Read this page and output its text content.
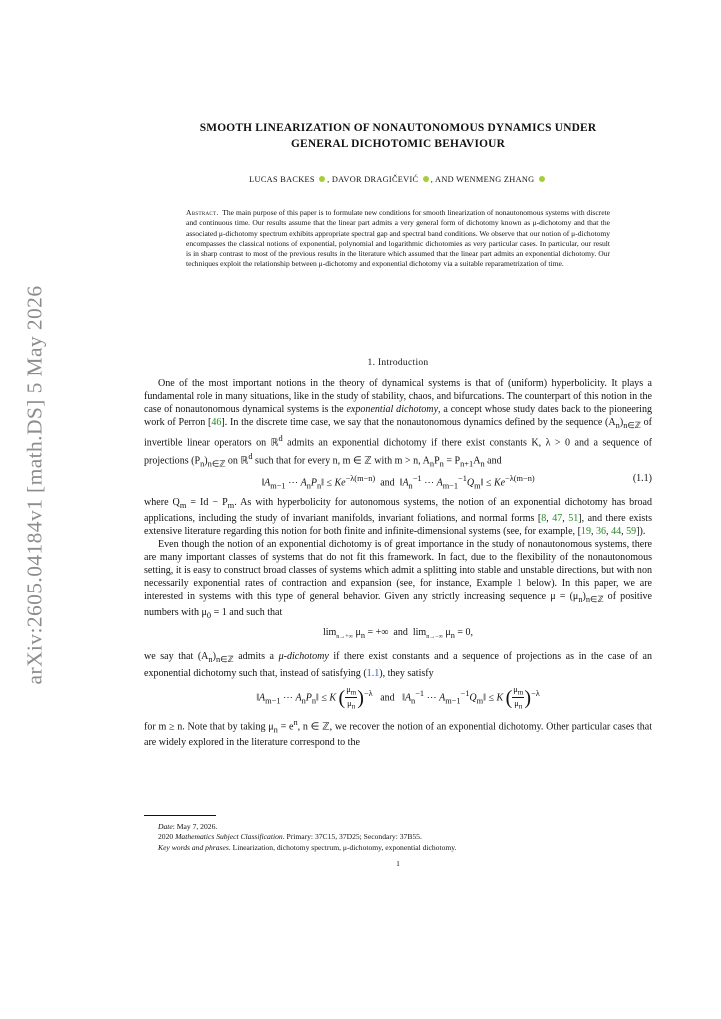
arXiv:2605.04184v1 [math.DS] 5 May 2026
SMOOTH LINEARIZATION OF NONAUTONOMOUS DYNAMICS UNDER
GENERAL DICHOTOMIC BEHAVIOUR
LUCAS BACKES , DAVOR DRAGIČEVIĆ , AND WENMENG ZHANG
Abstract. The main purpose of this paper is to formulate new conditions for smooth linearization of nonautonomous systems with discrete and continuous time. Our results assume that the linear part admits a very general form of dichotomy known as μ-dichotomy and that the associated μ-dichotomy spectrum exhibits appropriate spectral gap and spectral band conditions. We observe that our notion of μ-dichotomy encompasses the classical notions of exponential, polynomial and logarithmic dichotomies as very particular cases. In particular, our result is in sharp contrast to most of the previous results in the literature which assumed that the linear part admits an exponential dichotomy. Our techniques exploit the relationship between μ-dichotomy and exponential dichotomy via a suitable reparametrization of time.
1. Introduction

One of the most important notions in the theory of dynamical systems is that of (uniform) hyperbolicity. It plays a fundamental role in many situations, like in the study of stability, chaos, and bifurcations. The counterpart of this notion in the case of nonautonomous dynamical systems is the exponential dichotomy, a concept whose study dates back to the pioneering work of Perron [46]. In the discrete time case, we say that the nonautonomous dynamics defined by the sequence $(A_n)_{n\in ℤ}$ of invertible linear operators on ℝ$^d$ admits an exponential dichotomy if there exist constants K, λ > 0 and a sequence of projections $(P_n)_{n\in ℤ}$ on ℝ$^d$ such that for every n, m ∈ ℤ with m > n, $A_nP_n = P_{n+1}A_n$ and

$‖A_{m-1}$ ⋯ $A_nP_n‖ \le Ke^{-\lambda(m-n)}$  and  $‖A_n^{-1}$ ⋯ $A_{m-1}^{-1}Q_m‖ \le Ke^{-\lambda(m-n)}$	(1.1)

where $Q_m = Id - P_m$. As with hyperbolicity for autonomous systems, the notion of an exponential dichotomy has broad applications, including the study of invariant manifolds, invariant foliations, and normal forms [8, 47, 51], and there exists extensive literature regarding this notion for both finite and infinite-dimensional systems (see, for example, [19, 36, 44, 59]).

Even though the notion of an exponential dichotomy is of great importance in the study of nonautonomous systems, there are many important classes of systems that do not fit this framework. In fact, due to the flexibility of the nonautonomous setting, it is easy to construct broad classes of systems which admit a splitting into stable and unstable directions, but with non necessarily exponential rates of contraction and expansion (see, for instance, Example 1 below). In this paper, we are interested in systems with this type of general behavior. Given any strictly increasing sequence $\mu = (\mu_n)_{n\in ℤ}$ of positive numbers with $\mu_0 = 1$ and such that

$\lim_{n\to+\infty} \mu_n$ = +∞  and  $\lim_{n\to-\infty} \mu_n = 0$,

we say that $(A_n)_{n\in ℤ}$ admits a μ-dichotomy if there exist constants and a sequence of projections as in the case of an exponential dichotomy such that, instead of satisfying (1.1), they satisfy

$‖A_{m-1}$ ⋯ $A_nP_n‖ \le K$ ( $\frac{\mu_m}{\mu_n} )^{-\lambda}$   and   $‖A_n^{-1}$ ⋯ $A_{m-1}^{-1}Q_m‖ \le K$ ( $\frac{\mu_m}{\mu_n} )^{-\lambda}$

for m ≥ n. Note that by taking $\mu_n = e^n$, n ∈ ℤ, we recover the notion of an exponential dichotomy. Other particular cases that are widely explored in the literature correspond to the

Date: May 7, 2026.
2020 Mathematics Subject Classification. Primary: 37C15, 37D25; Secondary: 37B55.
Key words and phrases. Linearization, dichotomy spectrum, μ-dichotomy, exponential dichotomy.
1
